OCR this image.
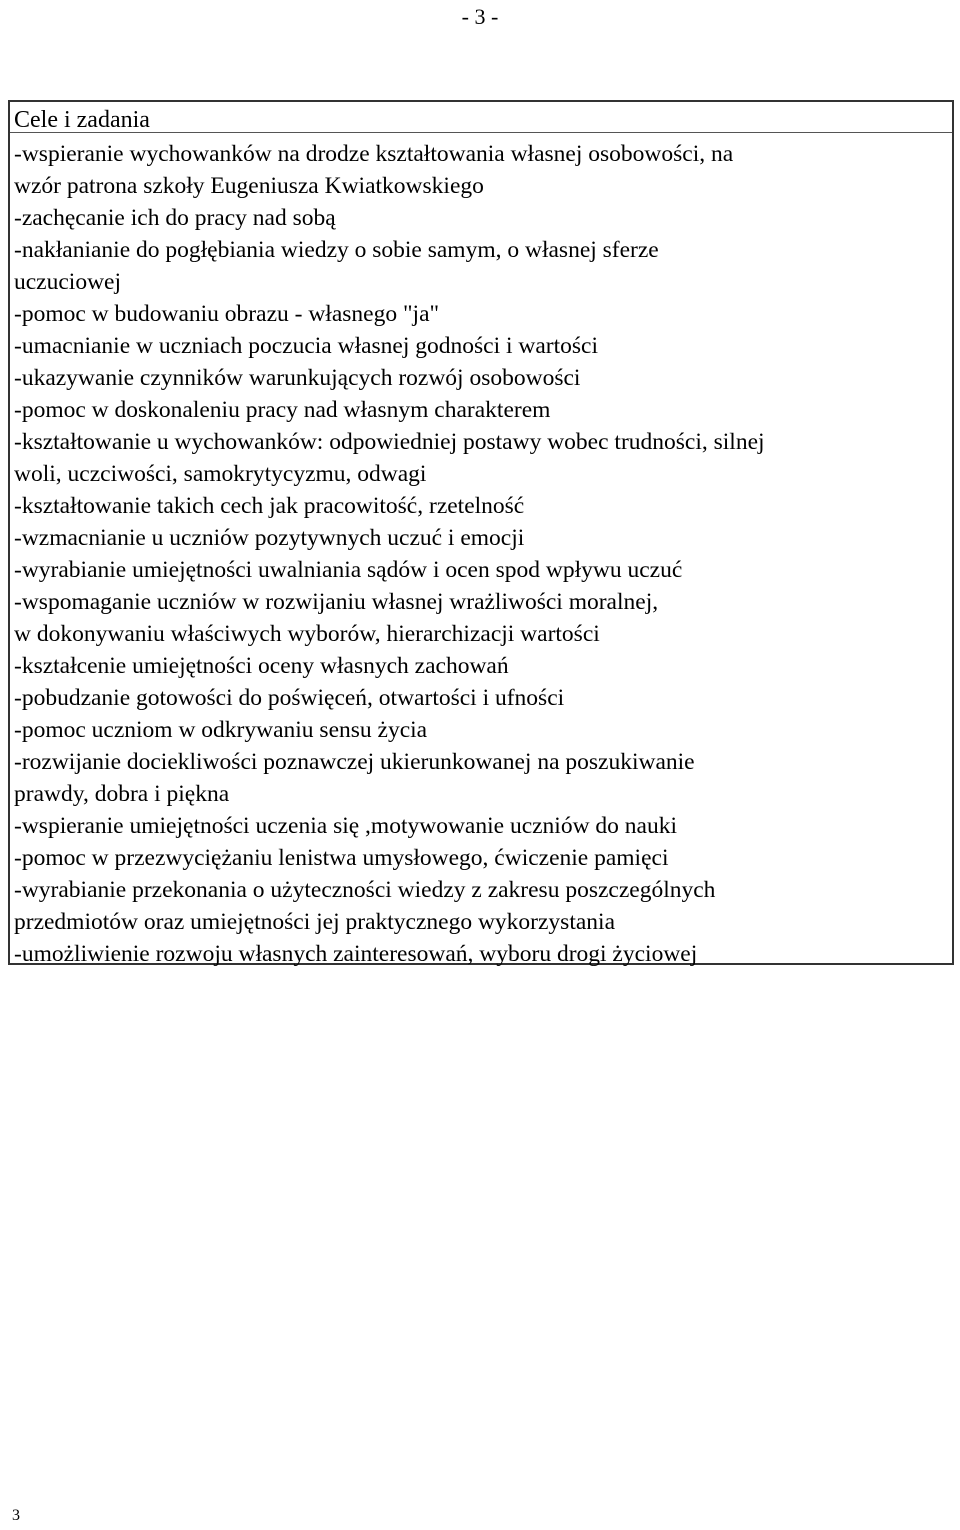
- 3 -
Cele i zadania
-wspieranie wychowanków na drodze kształtowania własnej osobowości, na
wzór patrona szkoły Eugeniusza Kwiatkowskiego
-zachęcanie ich do pracy nad sobą
-nakłanianie do pogłębiania wiedzy o sobie samym, o własnej sferze
uczuciowej
-pomoc w budowaniu obrazu - własnego "ja"
-umacnianie w uczniach poczucia własnej godności i wartości
-ukazywanie czynników warunkujących rozwój osobowości
-pomoc w doskonaleniu pracy nad własnym charakterem
-kształtowanie u wychowanków: odpowiedniej postawy wobec trudności, silnej
woli, uczciwości, samokrytycyzmu, odwagi
-kształtowanie takich cech jak pracowitość, rzetelność
-wzmacnianie u uczniów pozytywnych uczuć i emocji
-wyrabianie umiejętności uwalniania sądów i ocen spod wpływu uczuć
-wspomaganie uczniów w rozwijaniu własnej wrażliwości moralnej,
w dokonywaniu właściwych wyborów, hierarchizacji wartości
-kształcenie umiejętności oceny własnych zachowań
-pobudzanie gotowości do poświęceń, otwartości i ufności
-pomoc uczniom w odkrywaniu sensu życia
-rozwijanie dociekliwości poznawczej ukierunkowanej na poszukiwanie
prawdy, dobra i piękna
-wspieranie umiejętności uczenia się ,motywowanie uczniów do nauki
-pomoc w przezwyciężaniu lenistwa umysłowego, ćwiczenie pamięci
-wyrabianie przekonania o użyteczności wiedzy z zakresu poszczególnych
przedmiotów oraz umiejętności jej praktycznego wykorzystania
-umożliwienie rozwoju własnych zainteresowań, wyboru drogi życiowej
3
